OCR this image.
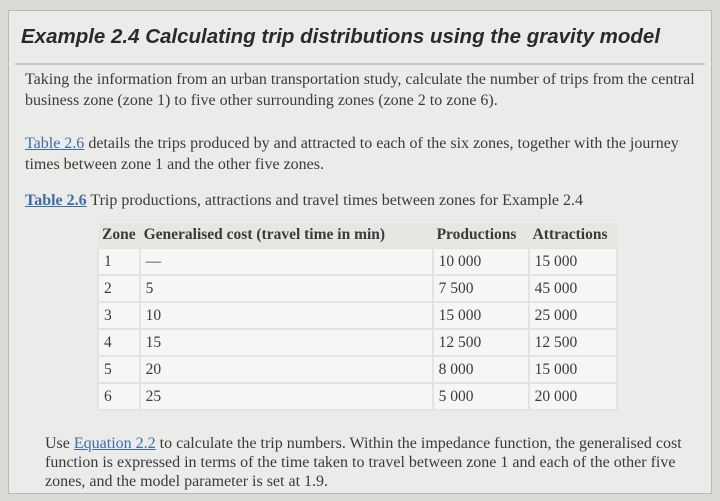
Example 2.4 Calculating trip distributions using the gravity model
Taking the information from an urban transportation study, calculate the number of trips from the central business zone (zone 1) to five other surrounding zones (zone 2 to zone 6).
Table 2.6 details the trips produced by and attracted to each of the six zones, together with the journey times between zone 1 and the other five zones.
Table 2.6 Trip productions, attractions and travel times between zones for Example 2.4
Zone	Generalised cost (travel time in min)	Productions	Attractions
1	—	10 000	15 000
2	5	7 500	45 000
3	10	15 000	25 000
4	15	12 500	12 500
5	20	8 000	15 000
6	25	5 000	20 000
Use Equation 2.2 to calculate the trip numbers. Within the impedance function, the generalised cost function is expressed in terms of the time taken to travel between zone 1 and each of the other five zones, and the model parameter is set at 1.9.
